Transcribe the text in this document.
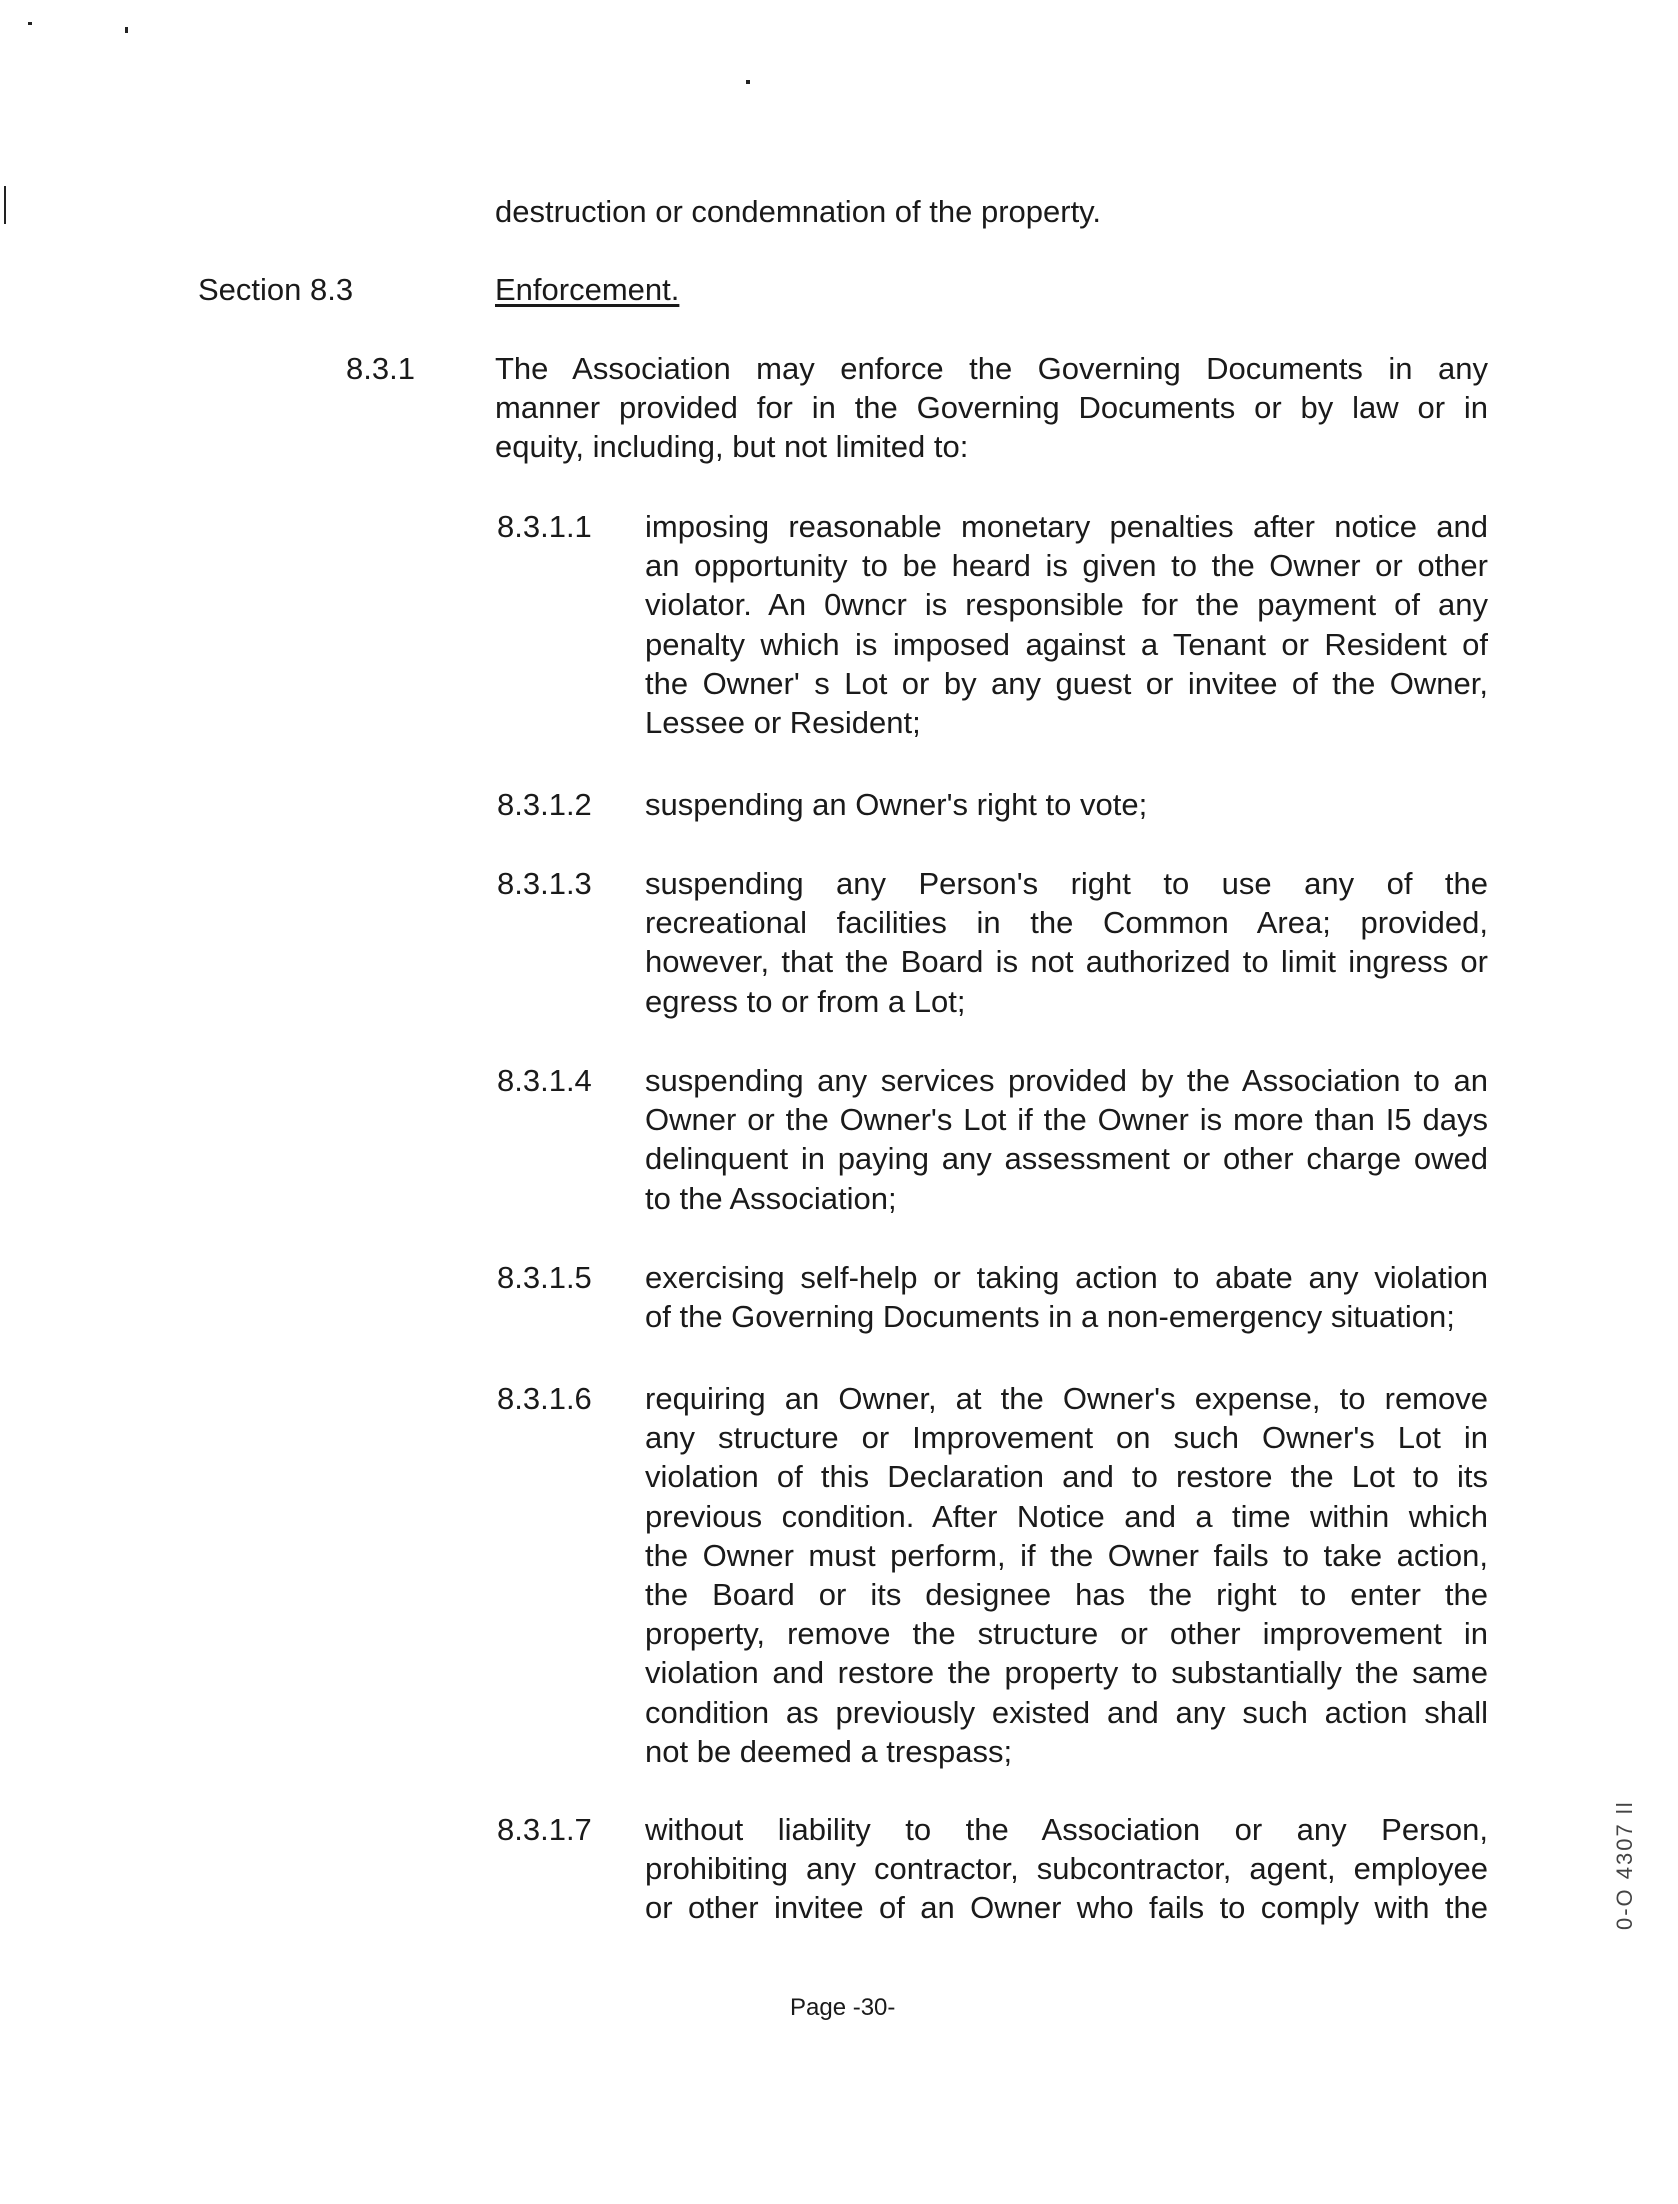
destruction or condemnation of the property.

Section 8.3	Enforcement.

8.3.1	The Association may enforce the Governing Documents in any
manner provided for in the Governing Documents or by law or in
equity, including, but not limited to:

8.3.1.1 imposing reasonable monetary penalties after notice and
an opportunity to be heard is given to the Owner or other
violator. An 0wncr is responsible for the payment of any
penalty which is imposed against a Tenant or Resident of
the Owner' s Lot or by any guest or invitee of the Owner,
Lessee or Resident;

8.3.1.2 suspending an Owner's right to vote;

8.3.1.3 suspending any Person's right to use any of the
recreational facilities in the Common Area; provided,
however, that the Board is not authorized to limit ingress or
egress to or from a Lot;

8.3.1.4 suspending any services provided by the Association to an
Owner or the Owner's Lot if the Owner is more than I5 days
delinquent in paying any assessment or other charge owed
to the Association;

8.3.1.5 exercising self-help or taking action to abate any violation
of the Governing Documents in a non-emergency situation;

8.3.1.6 requiring an Owner, at the Owner's expense, to remove
any structure or Improvement on such Owner's Lot in
violation of this Declaration and to restore the Lot to its
previous condition. After Notice and a time within which
the Owner must perform, if the Owner fails to take action,
the Board or its designee has the right to enter the
property, remove the structure or other improvement in
violation and restore the property to substantially the same
condition as previously existed and any such action shall
not be deemed a trespass;

8.3.1.7 without liability to the Association or any Person,
prohibiting any contractor, subcontractor, agent, employee
or other invitee of an Owner who fails to comply with the	0‐O 4307 ll

Page -30-
